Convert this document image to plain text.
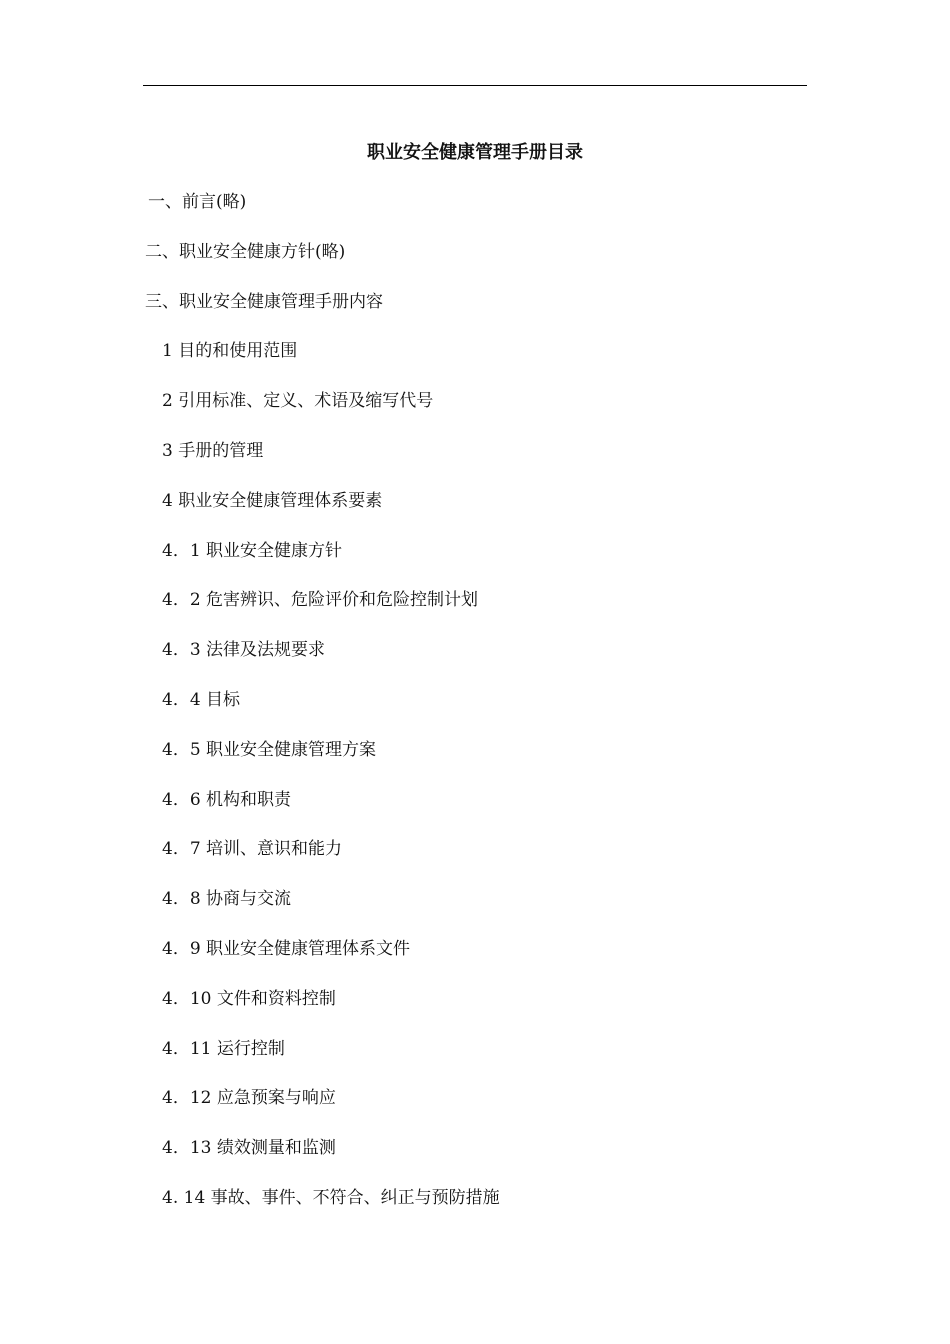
职业安全健康管理手册目录
一、前言(略)
二、职业安全健康方针(略)
三、职业安全健康管理手册内容
1 目的和使用范围
2 引用标准、定义、术语及缩写代号
3 手册的管理
4 职业安全健康管理体系要素
4．1 职业安全健康方针
4．2 危害辨识、危险评价和危险控制计划
4．3 法律及法规要求
4．4 目标
4．5 职业安全健康管理方案
4．6 机构和职责
4．7 培训、意识和能力
4．8 协商与交流
4．9 职业安全健康管理体系文件
4．10 文件和资料控制
4．11 运行控制
4．12 应急预案与响应
4．13 绩效测量和监测
4. 14 事故、事件、不符合、纠正与预防措施
